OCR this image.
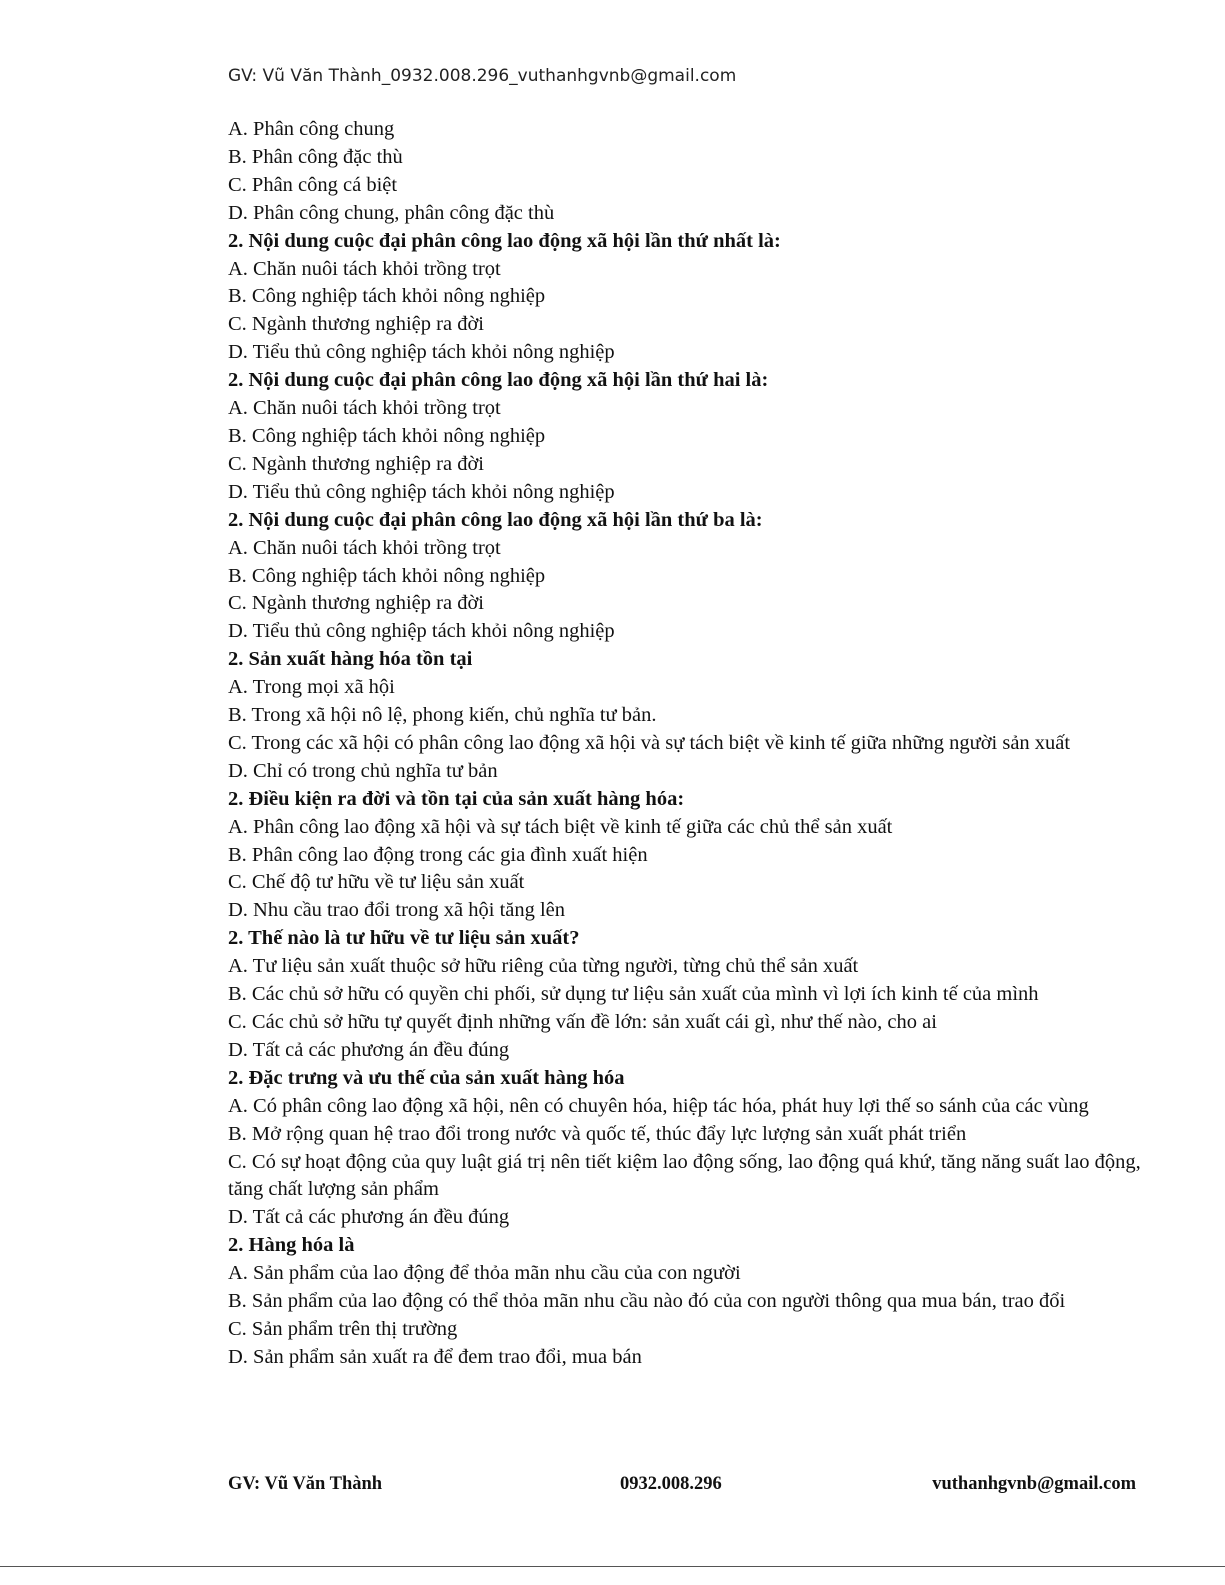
GV: Vũ Văn Thành_0932.008.296_vuthanhgvnb@gmail.com
A. Phân công chung
B. Phân công đặc thù
C. Phân công cá biệt
D. Phân công chung, phân công đặc thù
2. Nội dung cuộc đại phân công lao động xã hội lần thứ nhất là:
A. Chăn nuôi tách khỏi trồng trọt
B. Công nghiệp tách khỏi nông nghiệp
C. Ngành thương nghiệp ra đời
D. Tiểu thủ công nghiệp tách khỏi nông nghiệp
2. Nội dung cuộc đại phân công lao động xã hội lần thứ hai là:
A. Chăn nuôi tách khỏi trồng trọt
B. Công nghiệp tách khỏi nông nghiệp
C. Ngành thương nghiệp ra đời
D. Tiểu thủ công nghiệp tách khỏi nông nghiệp
2. Nội dung cuộc đại phân công lao động xã hội lần thứ ba là:
A. Chăn nuôi tách khỏi trồng trọt
B. Công nghiệp tách khỏi nông nghiệp
C. Ngành thương nghiệp ra đời
D. Tiểu thủ công nghiệp tách khỏi nông nghiệp
2. Sản xuất hàng hóa tồn tại
A. Trong mọi xã hội
B. Trong xã hội nô lệ, phong kiến, chủ nghĩa tư bản.
C. Trong các xã hội có phân công lao động xã hội và sự tách biệt về kinh tế giữa những người sản xuất
D. Chỉ có trong chủ nghĩa tư bản
2. Điều kiện ra đời và tồn tại của sản xuất hàng hóa:
A. Phân công lao động xã hội và sự tách biệt về kinh tế giữa các chủ thể sản xuất
B. Phân công lao động trong các gia đình xuất hiện
C. Chế độ tư hữu về tư liệu sản xuất
D. Nhu cầu trao đổi trong xã hội tăng lên
2. Thế nào là tư hữu về tư liệu sản xuất?
A. Tư liệu sản xuất thuộc sở hữu riêng của từng người, từng chủ thể sản xuất
B. Các chủ sở hữu có quyền chi phối, sử dụng tư liệu sản xuất của mình vì lợi ích kinh tế của mình
C. Các chủ sở hữu tự quyết định những vấn đề lớn: sản xuất cái gì, như thế nào, cho ai
D. Tất cả các phương án đều đúng
2. Đặc trưng và ưu thế của sản xuất hàng hóa
A. Có phân công lao động xã hội, nên có chuyên hóa, hiệp tác hóa, phát huy lợi thế so sánh của các vùng
B. Mở rộng quan hệ trao đổi trong nước và quốc tế, thúc đẩy lực lượng sản xuất phát triển
C. Có sự hoạt động của quy luật giá trị nên tiết kiệm lao động sống, lao động quá khứ, tăng năng suất lao động, tăng chất lượng sản phẩm
D. Tất cả các phương án đều đúng
2. Hàng hóa là
A. Sản phẩm của lao động để thỏa mãn nhu cầu của con người
B. Sản phẩm của lao động có thể thỏa mãn nhu cầu nào đó của con người thông qua mua bán, trao đổi
C. Sản phẩm trên thị trường
D. Sản phẩm sản xuất ra để đem trao đổi, mua bán
GV: Vũ Văn Thành	0932.008.296	vuthanhgvnb@gmail.com
